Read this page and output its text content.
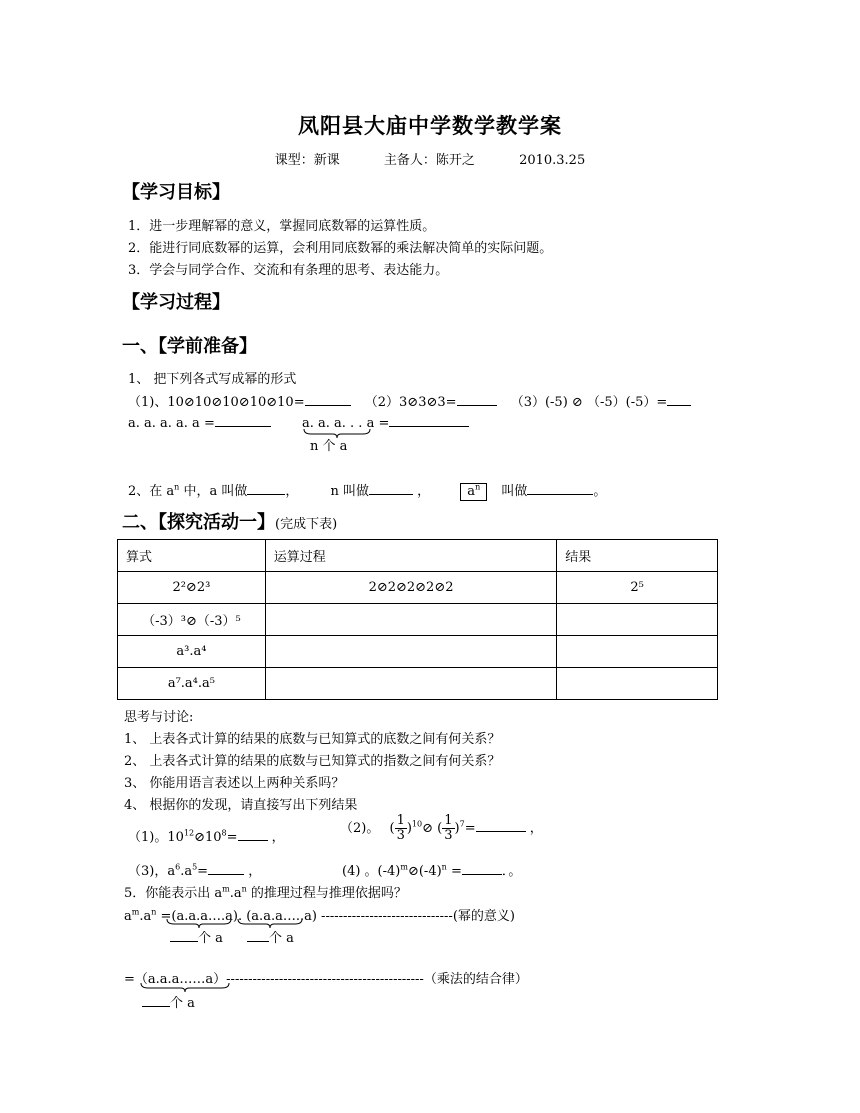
凤阳县大庙中学数学教学案
课型：新课	主备人：陈开之	2010.3.25
【学习目标】
1．进一步理解幂的意义，掌握同底数幂的运算性质。
2．能进行同底数幂的运算，会利用同底数幂的乘法解决简单的实际问题。
3．学会与同学合作、交流和有条理的思考、表达能力。
【学习过程】
一、【学前准备】
1、 把下列各式写成幂的形式
（1)、10⊘10⊘10⊘10⊘10=	（2）3⊘3⊘3=	（3）(-5) ⊘ （-5）(-5）=
a. a. a. a. a =	a. a. a. . . a =
n 个 a
2、在 $a^n$ 中，a 叫做	， n 叫做	，	$a^n$ 叫做	。
二、【探究活动一】(完成下表)
算式	运算过程	结果
2²⊘2³	2⊘2⊘2⊘2⊘2	2⁵
（-3）³⊘（-3）⁵		
a³.a⁴		
a⁷.a⁴.a⁵		
思考与讨论:
1、 上表各式计算的结果的底数与已知算式的底数之间有何关系？
2、 上表各式计算的结果的底数与已知算式的指数之间有何关系？
3、 你能用语言表述以上两种关系吗？
4、 根据你的发现，请直接写出下列结果
（1)。$10^{12}⊘10^8=$	，
（2)。 ( $\frac{1}{3}$ )$^{10}$⊘ ( $\frac{1}{3} )^7=$	，
（3)，$a^6.a^5=$	，	(4) 。$(-4)^m⊘(-4)^n$ =	．。
5．你能表示出 $a^m.a^n$ 的推理过程与推理依据吗？
$a^m.a^n$ =(a.a.a….a). (a.a.a…..a) ------------------------------(幂的意义)
个 a	个 a
=（a.a.a……a）---------------------------------------------（乘法的结合律）
个 a
